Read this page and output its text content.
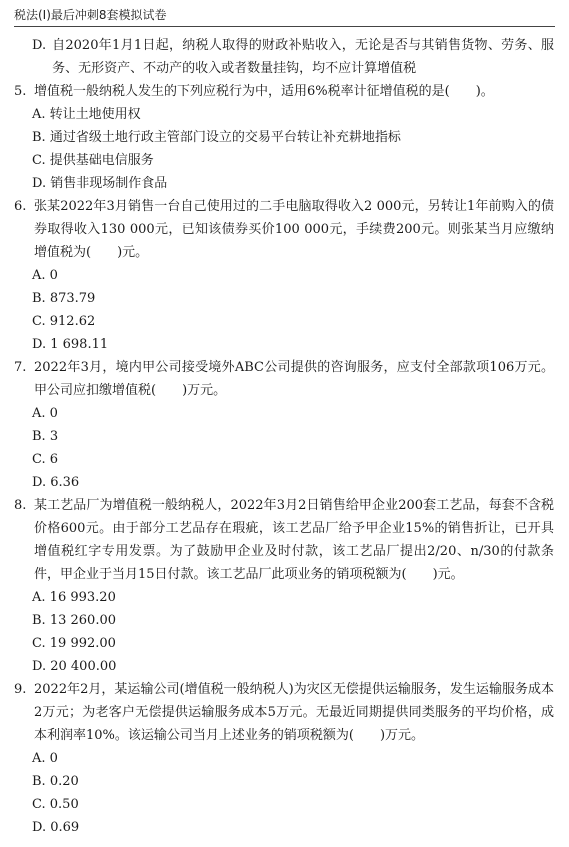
税法(Ⅰ)最后冲刺8套模拟试卷
D. 自2020年1月1日起，纳税人取得的财政补贴收入，无论是否与其销售货物、劳务、服务、无形资产、不动产的收入或者数量挂钩，均不应计算增值税
5. 增值税一般纳税人发生的下列应税行为中，适用6%税率计征增值税的是(　　)。
A. 转让土地使用权
B. 通过省级土地行政主管部门设立的交易平台转让补充耕地指标
C. 提供基础电信服务
D. 销售非现场制作食品
6. 张某2022年3月销售一台自己使用过的二手电脑取得收入2 000元，另转让1年前购入的债券取得收入130 000元，已知该债券买价100 000元，手续费200元。则张某当月应缴纳增值税为(　　)元。
A. 0
B. 873.79
C. 912.62
D. 1 698.11
7. 2022年3月，境内甲公司接受境外ABC公司提供的咨询服务，应支付全部款项106万元。甲公司应扣缴增值税(　　)万元。
A. 0
B. 3
C. 6
D. 6.36
8. 某工艺品厂为增值税一般纳税人，2022年3月2日销售给甲企业200套工艺品，每套不含税价格600元。由于部分工艺品存在瑕疵，该工艺品厂给予甲企业15%的销售折让，已开具增值税红字专用发票。为了鼓励甲企业及时付款，该工艺品厂提出2/20、n/30的付款条件，甲企业于当月15日付款。该工艺品厂此项业务的销项税额为(　　)元。
A. 16 993.20
B. 13 260.00
C. 19 992.00
D. 20 400.00
9. 2022年2月，某运输公司(增值税一般纳税人)为灾区无偿提供运输服务，发生运输服务成本2万元；为老客户无偿提供运输服务成本5万元。无最近同期提供同类服务的平均价格，成本利润率10%。该运输公司当月上述业务的销项税额为(　　)万元。
A. 0
B. 0.20
C. 0.50
D. 0.69
